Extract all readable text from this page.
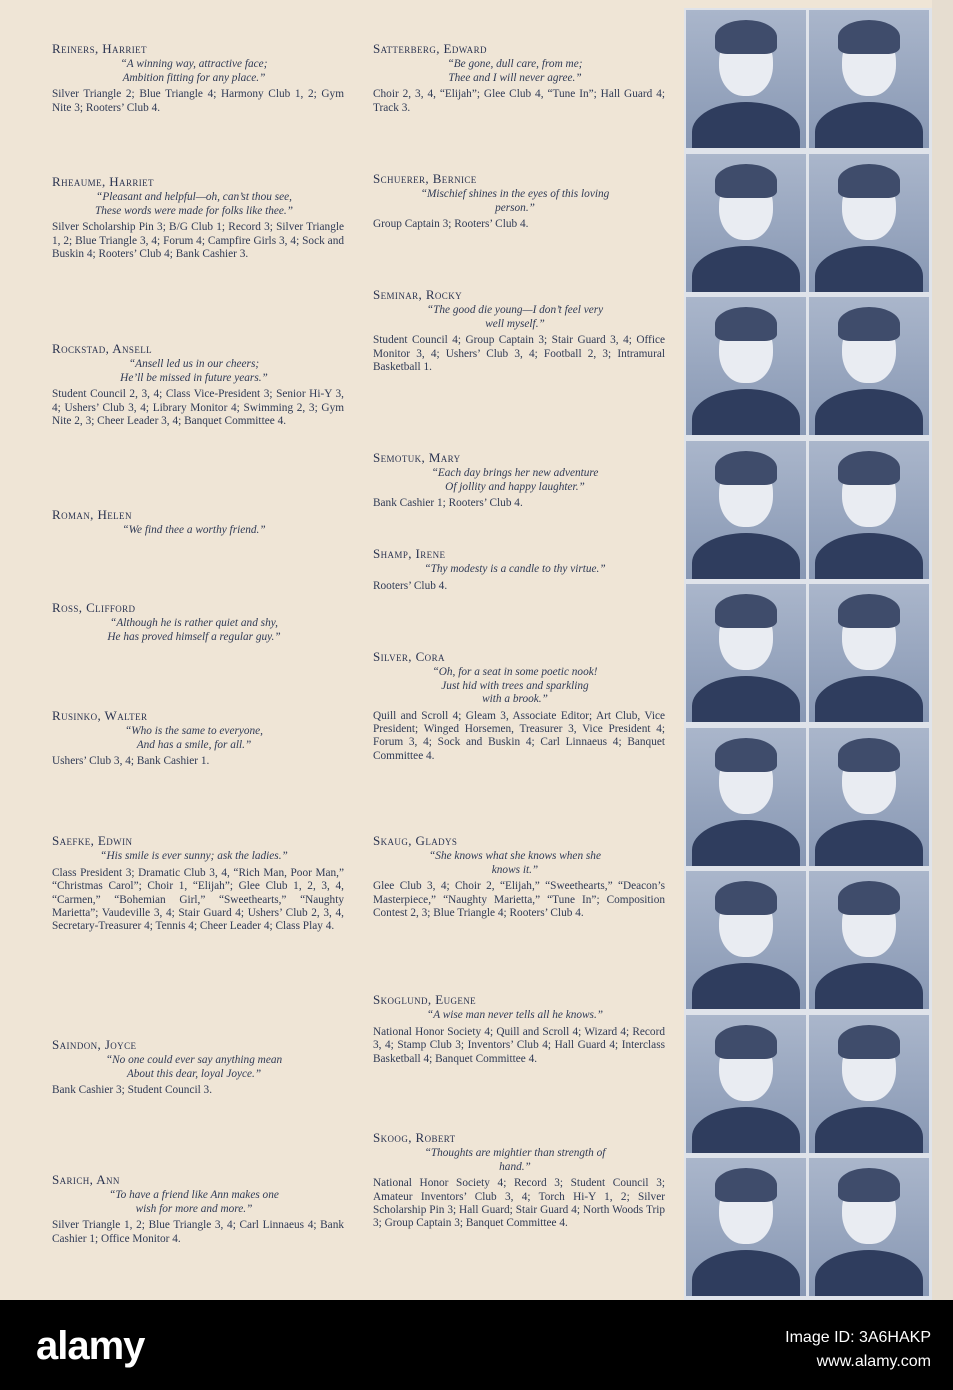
Reiners, Harriet
“A winning way, attractive face;
Ambition fitting for any place.”
Silver Triangle 2; Blue Triangle 4; Harmony Club 1, 2; Gym Nite 3; Rooters’ Club 4.
Rheaume, Harriet
“Pleasant and helpful—oh, can’st thou see,
These words were made for folks like thee.”
Silver Scholarship Pin 3; B/G Club 1; Record 3; Silver Triangle 1, 2; Blue Triangle 3, 4; Forum 4; Campfire Girls 3, 4; Sock and Buskin 4; Rooters’ Club 4; Bank Cashier 3.
Rockstad, Ansell
“Ansell led us in our cheers;
He’ll be missed in future years.”
Student Council 2, 3, 4; Class Vice-President 3; Senior Hi-Y 3, 4; Ushers’ Club 3, 4; Library Monitor 4; Swimming 2, 3; Gym Nite 2, 3; Cheer Leader 3, 4; Banquet Committee 4.
Roman, Helen
“We find thee a worthy friend.”
Ross, Clifford
“Although he is rather quiet and shy,
He has proved himself a regular guy.”
Rusinko, Walter
“Who is the same to everyone,
And has a smile, for all.”
Ushers’ Club 3, 4; Bank Cashier 1.
Saefke, Edwin
“His smile is ever sunny; ask the ladies.”
Class President 3; Dramatic Club 3, 4, “Rich Man, Poor Man,” “Christmas Carol”; Choir 1, “Elijah”; Glee Club 1, 2, 3, 4, “Carmen,” “Bohemian Girl,” “Sweethearts,” “Naughty Marietta”; Vaudeville 3, 4; Stair Guard 4; Ushers’ Club 2, 3, 4, Secretary-Treasurer 4; Tennis 4; Cheer Leader 4; Class Play 4.
Saindon, Joyce
“No one could ever say anything mean
About this dear, loyal Joyce.”
Bank Cashier 3; Student Council 3.
Sarich, Ann
“To have a friend like Ann makes one
wish for more and more.”
Silver Triangle 1, 2; Blue Triangle 3, 4; Carl Linnaeus 4; Bank Cashier 1; Office Monitor 4.
Satterberg, Edward
“Be gone, dull care, from me;
Thee and I will never agree.”
Choir 2, 3, 4, “Elijah”; Glee Club 4, “Tune In”; Hall Guard 4; Track 3.
Schuerer, Bernice
“Mischief shines in the eyes of this loving
person.”
Group Captain 3; Rooters’ Club 4.
Seminar, Rocky
“The good die young—I don’t feel very
well myself.”
Student Council 4; Group Captain 3; Stair Guard 3, 4; Office Monitor 3, 4; Ushers’ Club 3, 4; Football 2, 3; Intramural Basketball 1.
Semotuk, Mary
“Each day brings her new adventure
Of jollity and happy laughter.”
Bank Cashier 1; Rooters’ Club 4.
Shamp, Irene
“Thy modesty is a candle to thy virtue.”
Rooters’ Club 4.
Silver, Cora
“Oh, for a seat in some poetic nook!
Just hid with trees and sparkling
with a brook.”
Quill and Scroll 4; Gleam 3, Associate Editor; Art Club, Vice President; Winged Horsemen, Treasurer 3, Vice President 4; Forum 3, 4; Sock and Buskin 4; Carl Linnaeus 4; Banquet Committee 4.
Skaug, Gladys
“She knows what she knows when she
knows it.”
Glee Club 3, 4; Choir 2, “Elijah,” “Sweethearts,” “Deacon’s Masterpiece,” “Naughty Marietta,” “Tune In”; Composition Contest 2, 3; Blue Triangle 4; Rooters’ Club 4.
Skoglund, Eugene
“A wise man never tells all he knows.”
National Honor Society 4; Quill and Scroll 4; Wizard 4; Record 3, 4; Stamp Club 3; Inventors’ Club 4; Hall Guard 4; Interclass Basketball 4; Banquet Committee 4.
Skoog, Robert
“Thoughts are mightier than strength of
hand.”
National Honor Society 4; Record 3; Student Council 3; Amateur Inventors’ Club 3, 4; Torch Hi-Y 1, 2; Silver Scholarship Pin 3; Hall Guard; Stair Guard 4; North Woods Trip 3; Group Captain 3; Banquet Committee 4.
alamy	Image ID: 3A6HAKP
www.alamy.com
